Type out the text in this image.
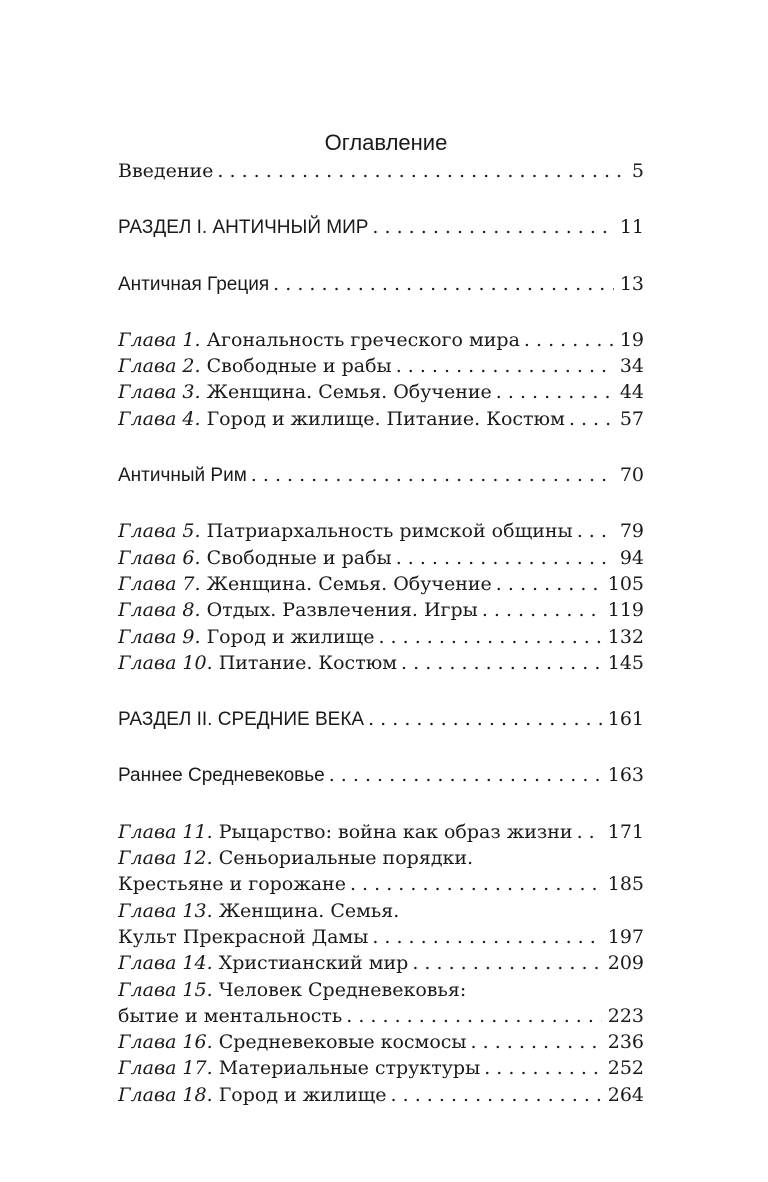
Оглавление
Введение . . .	5
РАЗДЕЛ I. АНТИЧНЫЙ МИР . . .	11
Античная Греция . . .	13
Глава 1. Агональность греческого мира . . .	19
Глава 2. Свободные и рабы . . .	34
Глава 3. Женщина. Семья. Обучение . . .	44
Глава 4. Город и жилище. Питание. Костюм . . .	57
Античный Рим . . .	70
Глава 5. Патриархальность римской общины . . . 79
Глава 6. Свободные и рабы . . .	94
Глава 7. Женщина. Семья. Обучение . . .	105
Глава 8. Отдых. Развлечения. Игры . . .	119
Глава 9. Город и жилище . . .	132
Глава 10. Питание. Костюм . . .	145
РАЗДЕЛ II. СРЕДНИЕ ВЕКА . . .	161
Раннее Средневековье . . .	163
Глава 11. Рыцарство: война как образ жизни . . . 171
Глава 12. Сеньориальные порядки.
Крестьяне и горожане . . .	185
Глава 13. Женщина. Семья.
Культ Прекрасной Дамы . . .	197
Глава 14. Христианский мир . . .	209
Глава 15. Человек Средневековья:
бытие и ментальность . . .	223
Глава 16. Средневековые космосы . . .	236
Глава 17. Материальные структуры . . .	252
Глава 18. Город и жилище . . .	264
